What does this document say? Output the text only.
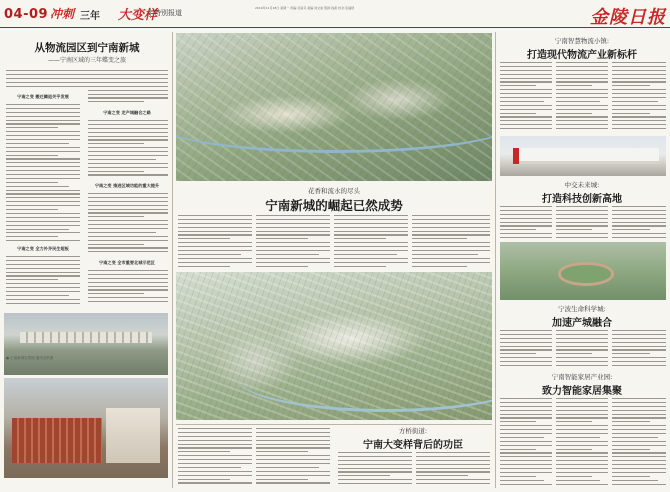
04-09 冲刺 三年 大变样
特别报道
2019年11月18日 星期一 责编:章丽芬 美编:刘文旭 照排:钱燕 校对:张福财	金陵日报
从物流园区到宁南新城
——宁南区域的三年蝶变之旅
宁南之变 搬迁腾退关乎发展
宁南之变 全力补齐民生短板
宁南之变 走产城融合之路
宁南之变 推进区域功能的重大提升
宁南之变 全市重要北城示范区
● 宁南新城实景图 通讯员供图
花香和流水的尽头
宁南新城的崛起已然成势
方桥街道:
宁南大变样背后的功臣
宁南智慧物流小镇:
打造现代物流产业新标杆
中交未来城:
打造科技创新高地
宁波生命科学城:
加速产城融合
宁南智能家居产业园:
致力智能家居集聚
